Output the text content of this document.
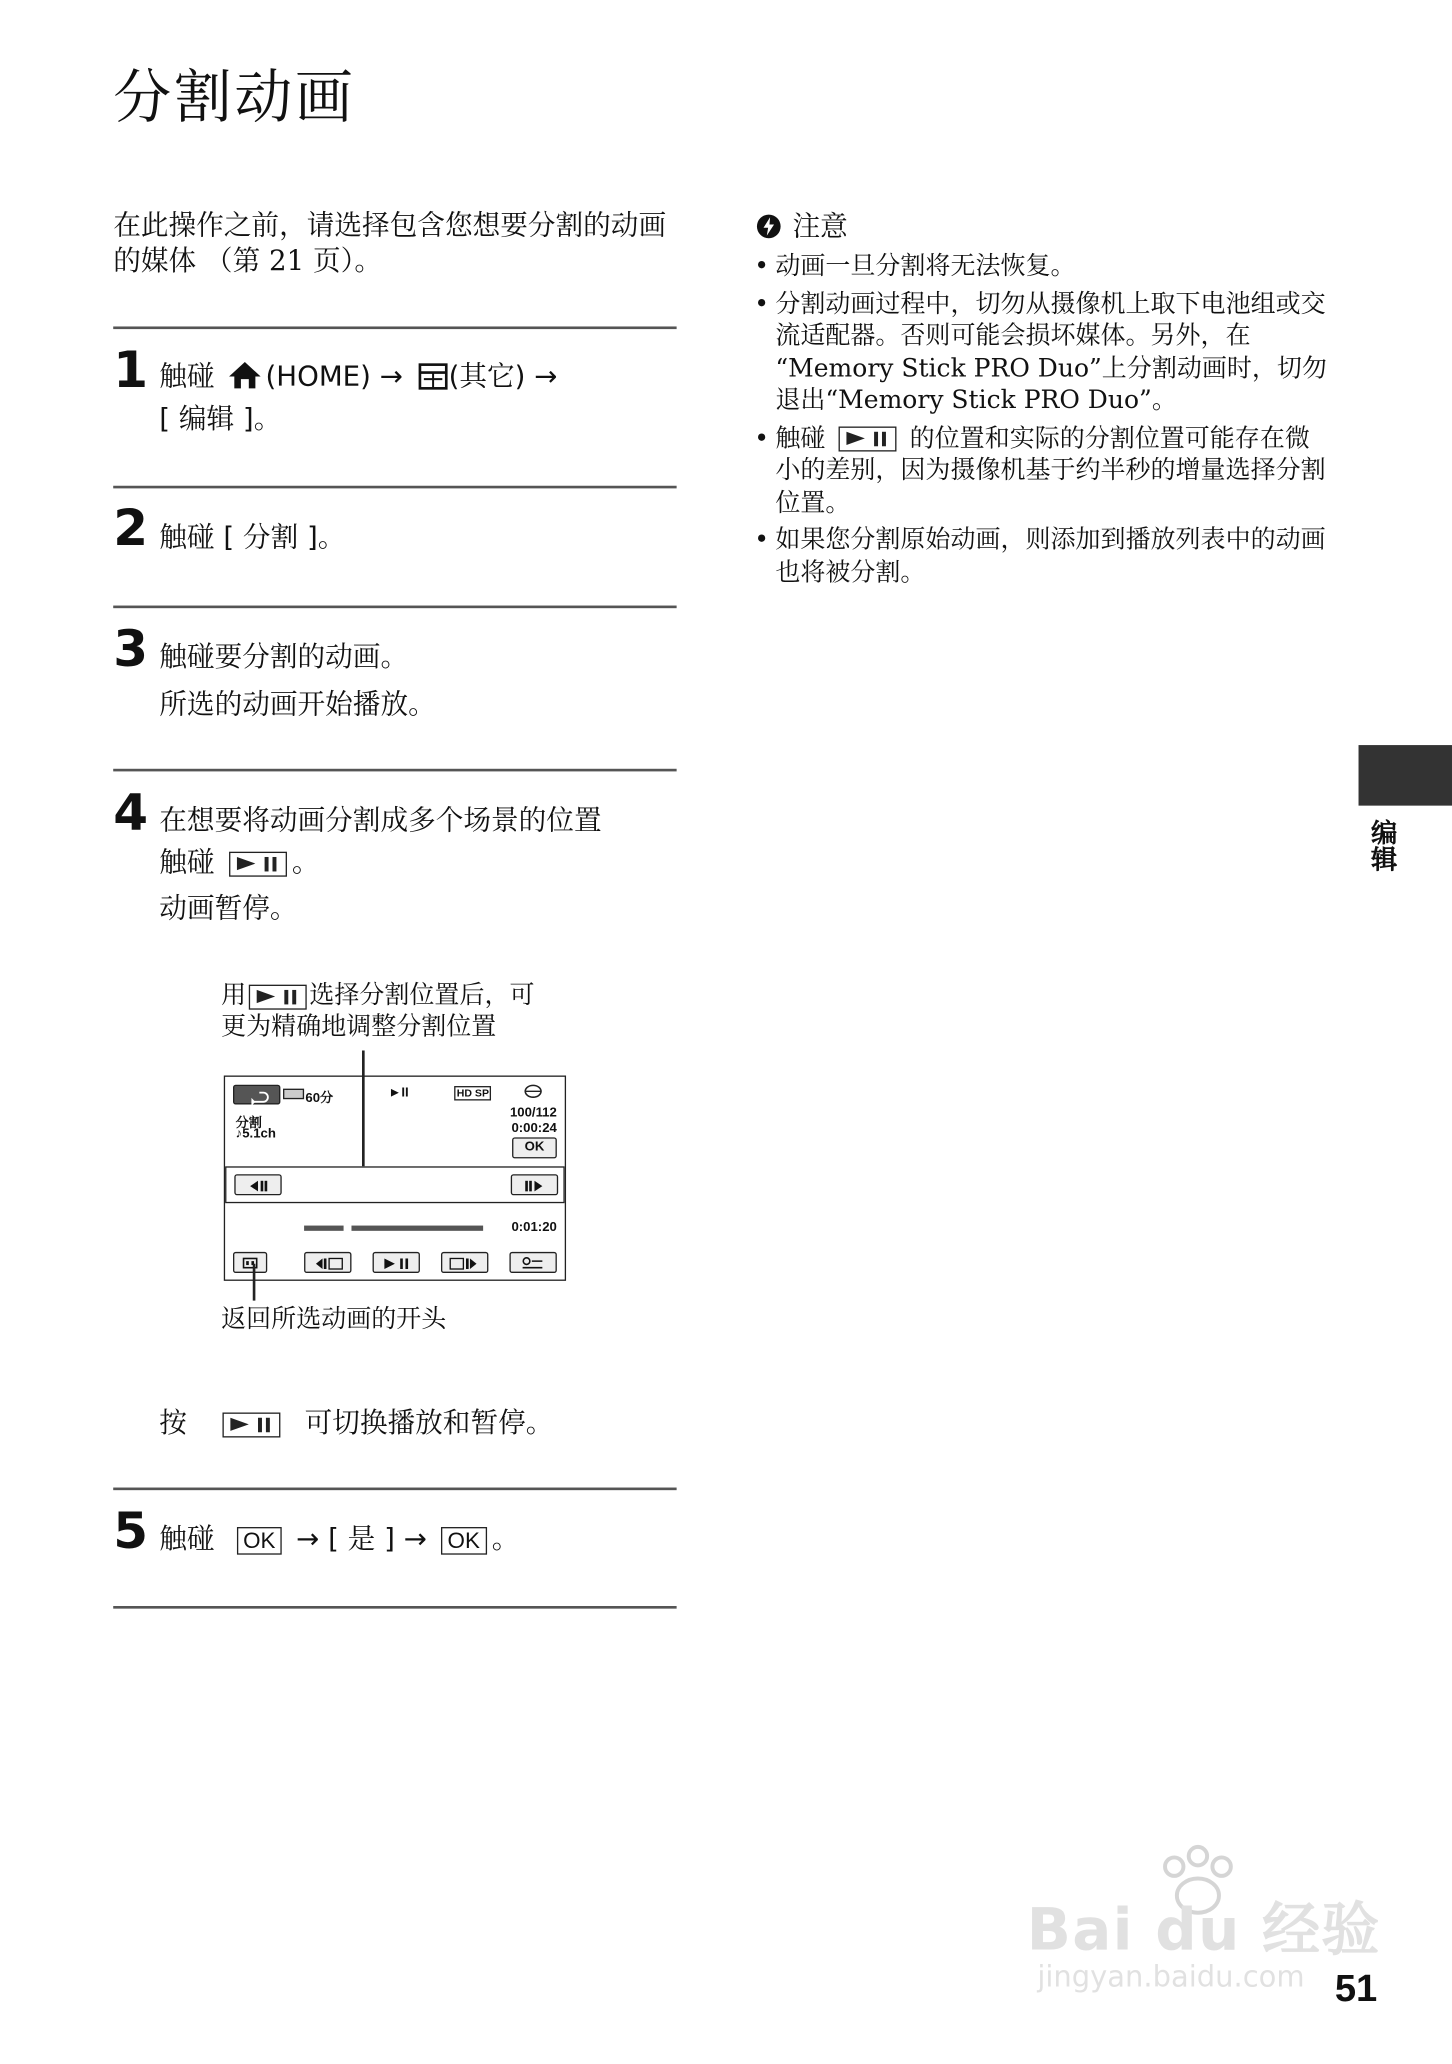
分割动画
在此操作之前，请选择包含您想要分割的动画的媒体 （第 21 页）。
1 触碰 (HOME) → (其它) →
[ 编辑 ]。
2 触碰 [ 分割 ]。
3 触碰要分割的动画。
所选的动画开始播放。
4 在想要将动画分割成多个场景的位置
触碰	。
动画暂停。
用	选择分割位置后，可
更为精确地调整分割位置
60分
分割
♪5.1ch
►II	HD SP
100/112
0:00:24
OK
0:01:20
返回所选动画的开头
按	可切换播放和暂停。
5 触碰 OK → [ 是 ] → OK 。
注意
• 动画一旦分割将无法恢复。
• 分割动画过程中，切勿从摄像机上取下电池组或交流适配器。否则可能会损坏媒体。另外，在 “Memory Stick PRO Duo”上分割动画时，切勿退出“Memory Stick PRO Duo”。
• 触碰	的位置和实际的分割位置可能存在微小的差别，因为摄像机基于约半秒的增量选择分割位置。
• 如果您分割原始动画，则添加到播放列表中的动画也将被分割。
编辑
Bai du 经验
jingyan.baidu.com 51
